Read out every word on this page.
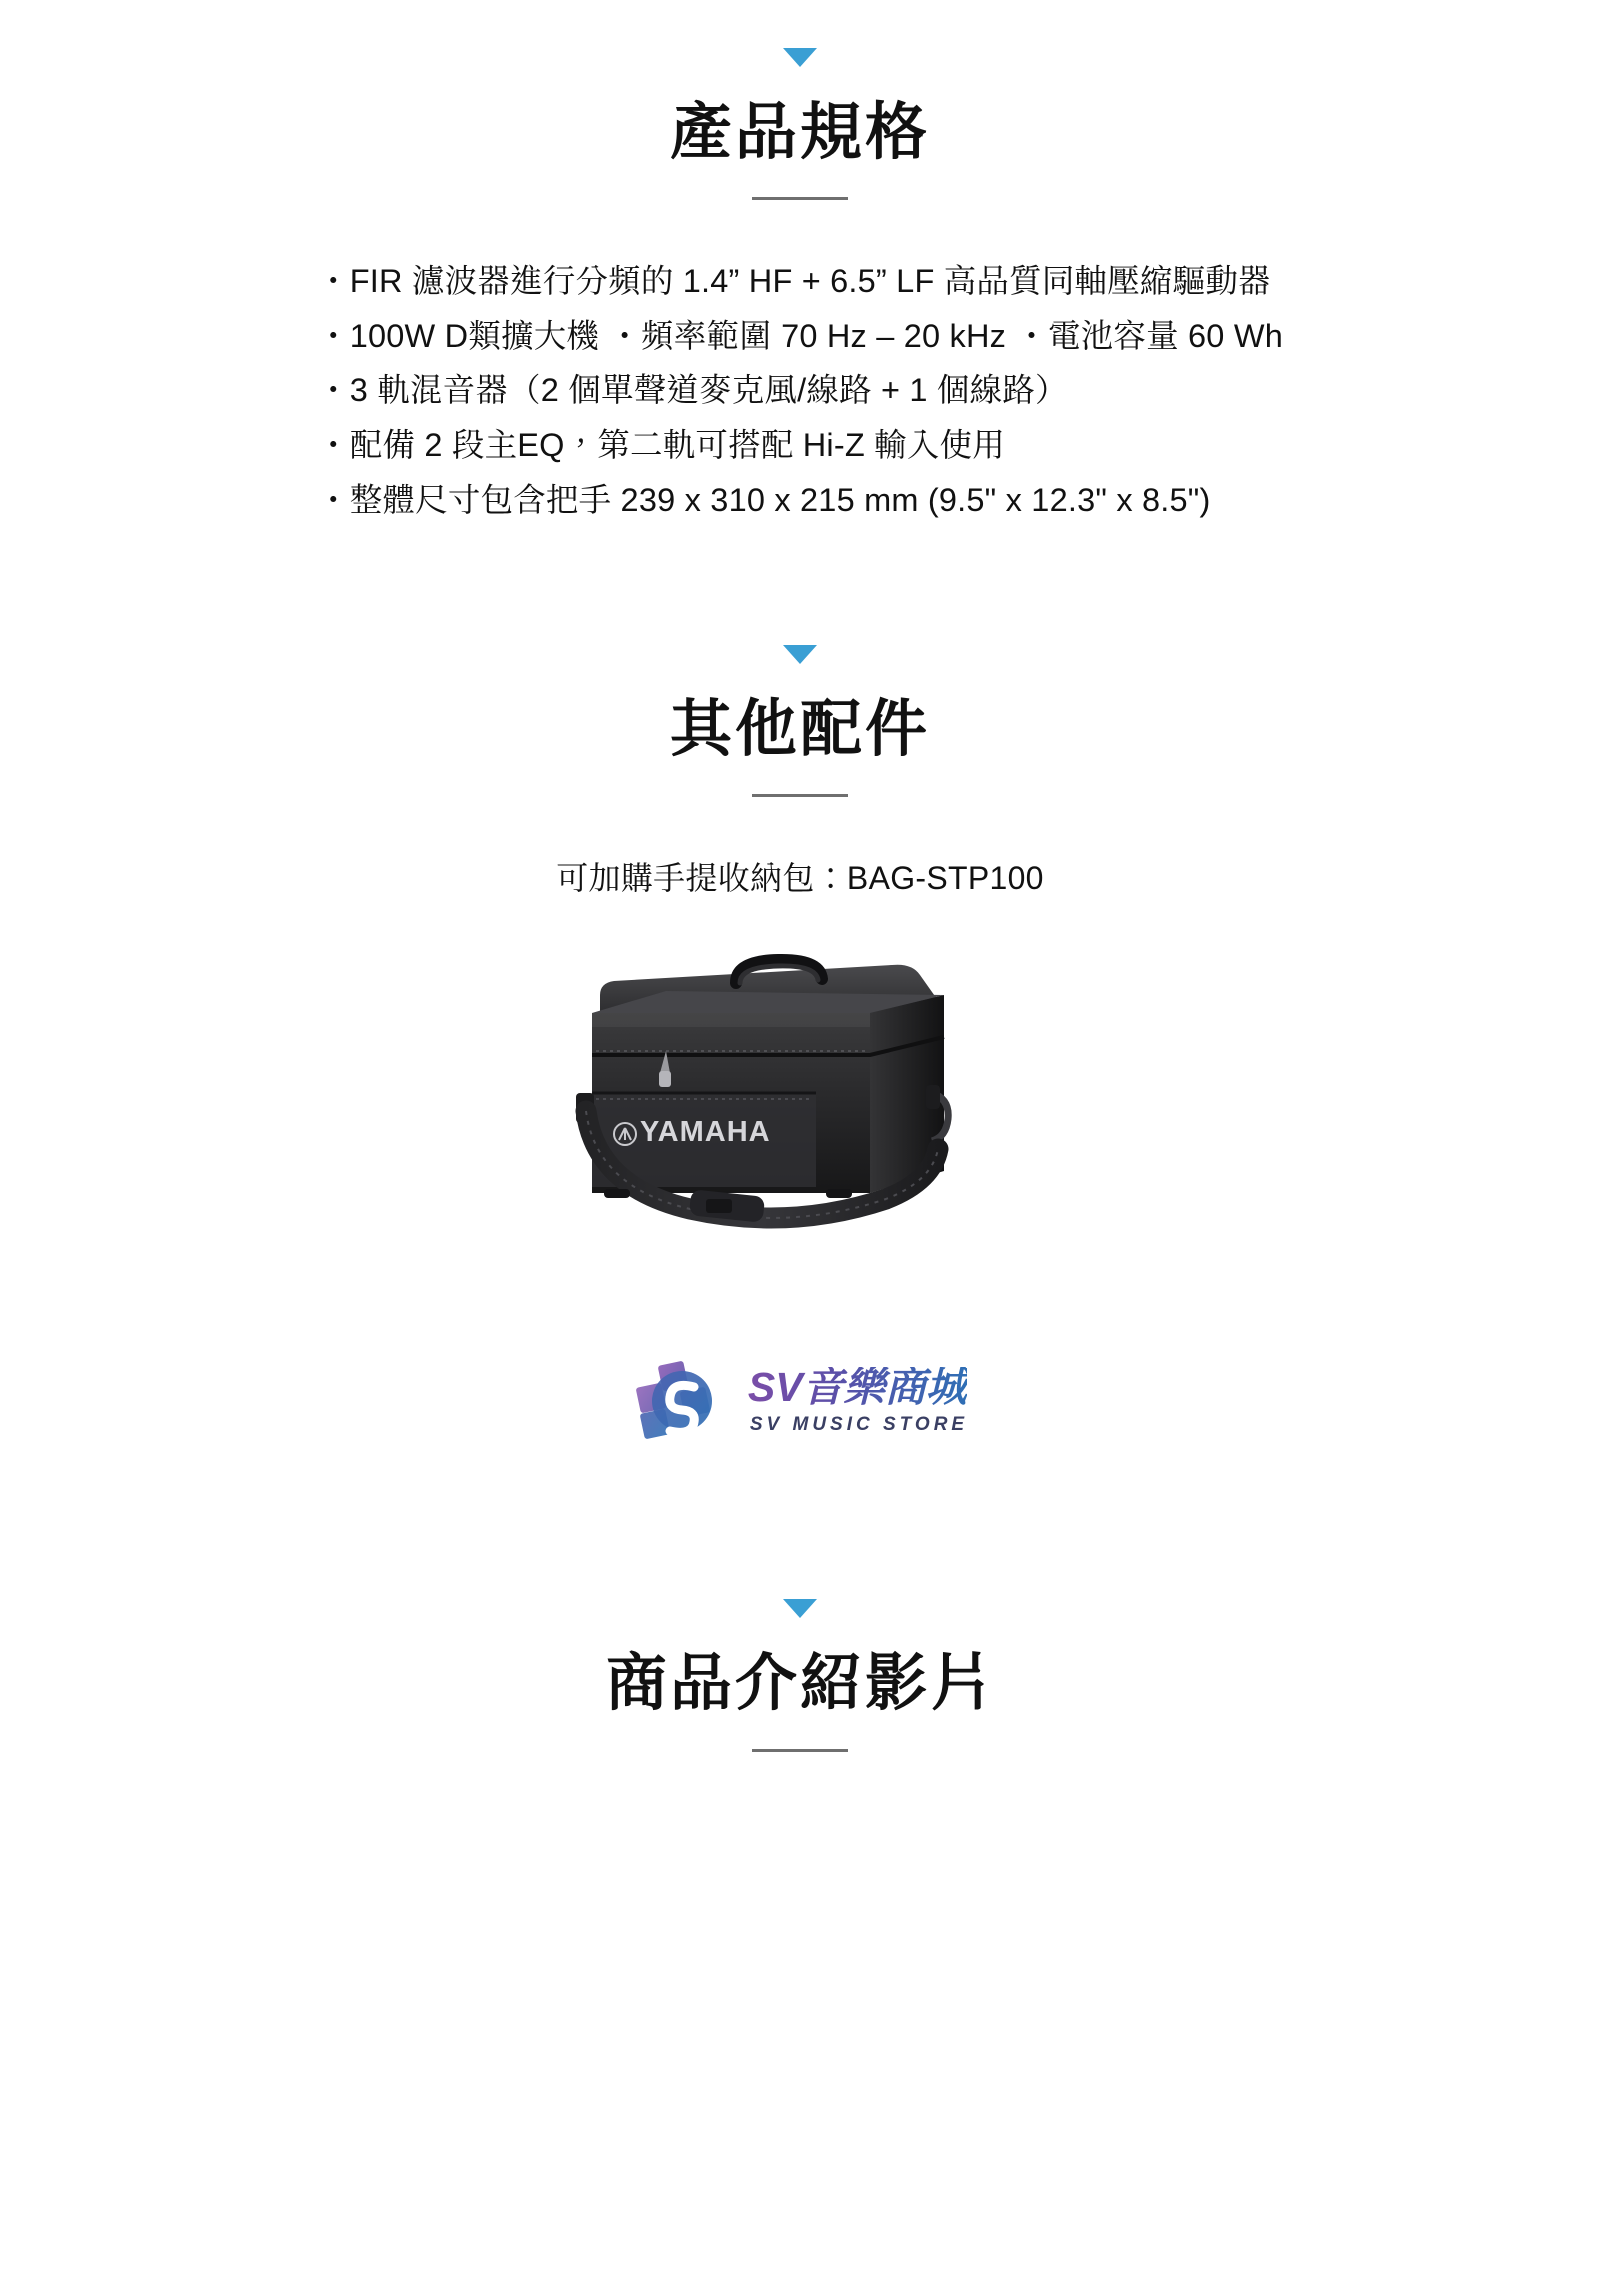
產品規格
・FIR 濾波器進行分頻的 1.4” HF + 6.5” LF 高品質同軸壓縮驅動器
・100W D類擴大機 ・頻率範圍 70 Hz – 20 kHz ・電池容量 60 Wh
・3 軌混音器（2 個單聲道麥克風/線路 + 1 個線路）
・配備 2 段主EQ，第二軌可搭配 Hi-Z 輸入使用
・整體尺寸包含把手 239 x 310 x 215 mm (9.5" x 12.3" x 8.5")
其他配件
可加購手提收納包：BAG-STP100
YAMAHA
SV音樂商城
SV MUSIC STORE
商品介紹影片
